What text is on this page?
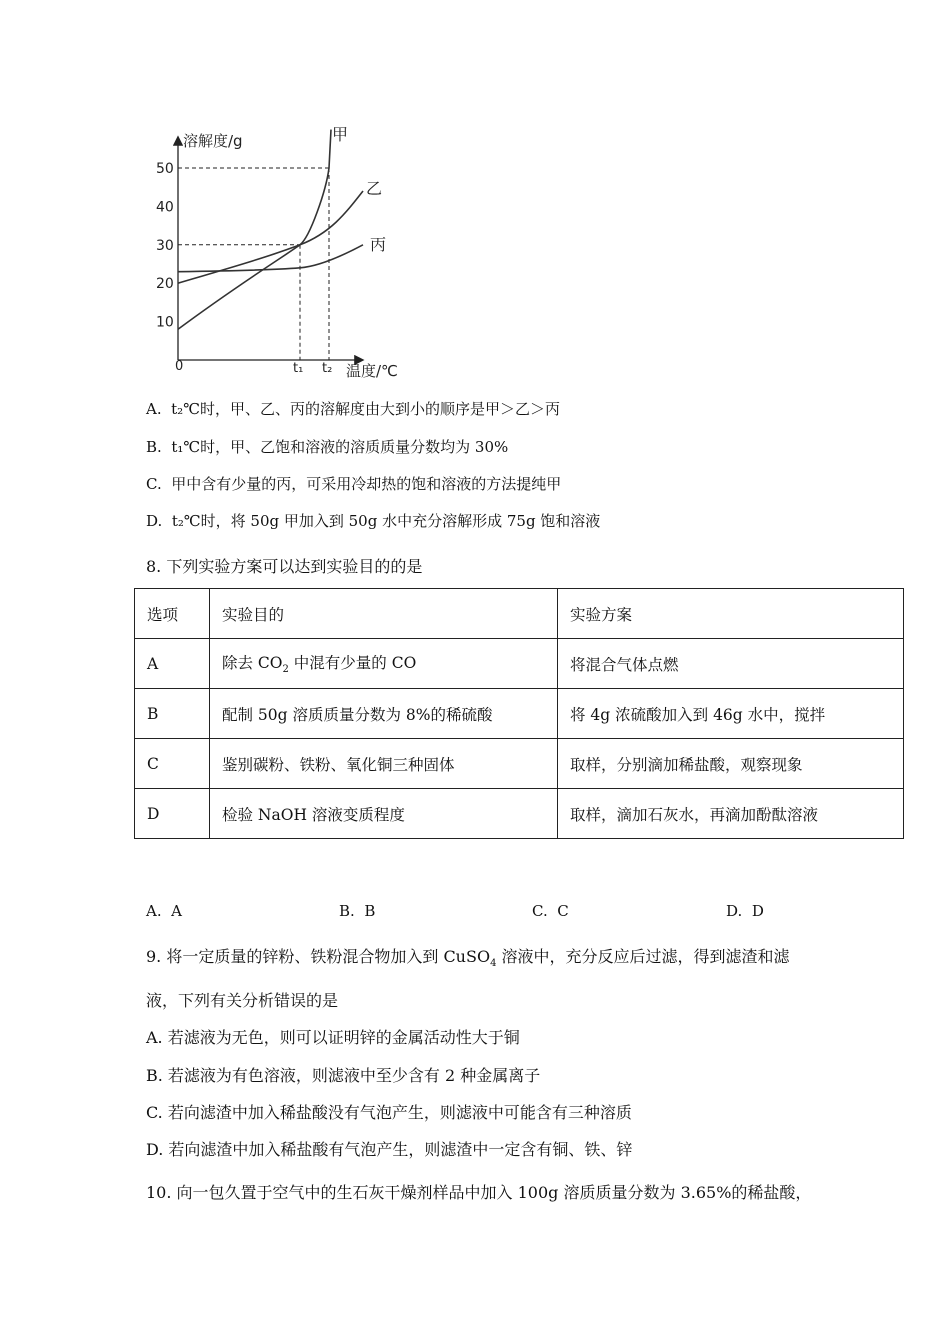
10
20
30
40
50
溶解度/g
温度/℃
0	t₁ t₂
甲
乙
丙
A. t₂℃时，甲、乙、丙的溶解度由大到小的顺序是甲＞乙＞丙
B. t₁℃时，甲、乙饱和溶液的溶质质量分数均为 30%
C. 甲中含有少量的丙，可采用冷却热的饱和溶液的方法提纯甲
D. t₂℃时，将 50g 甲加入到 50g 水中充分溶解形成 75g 饱和溶液
8. 下列实验方案可以达到实验目的的是
选项	实验目的	实验方案
A	除去 $CO_2$ 中混有少量的 CO	将混合气体点燃
B	配制 50g 溶质质量分数为 8%的稀硫酸	将 4g 浓硫酸加入到 46g 水中，搅拌
C	鉴别碳粉、铁粉、氧化铜三种固体	取样，分别滴加稀盐酸，观察现象
D	检验 NaOH 溶液变质程度	取样，滴加石灰水，再滴加酚酞溶液
A. A	B. B	C. C	D. D
9. 将一定质量的锌粉、铁粉混合物加入到 CuSO$_4$ 溶液中，充分反应后过滤，得到滤渣和滤
液，下列有关分析错误的是
A. 若滤液为无色，则可以证明锌的金属活动性大于铜
B. 若滤液为有色溶液，则滤液中至少含有 2 种金属离子
C. 若向滤渣中加入稀盐酸没有气泡产生，则滤液中可能含有三种溶质
D. 若向滤渣中加入稀盐酸有气泡产生，则滤渣中一定含有铜、铁、锌
10. 向一包久置于空气中的生石灰干燥剂样品中加入 100g 溶质质量分数为 3.65%的稀盐酸，
